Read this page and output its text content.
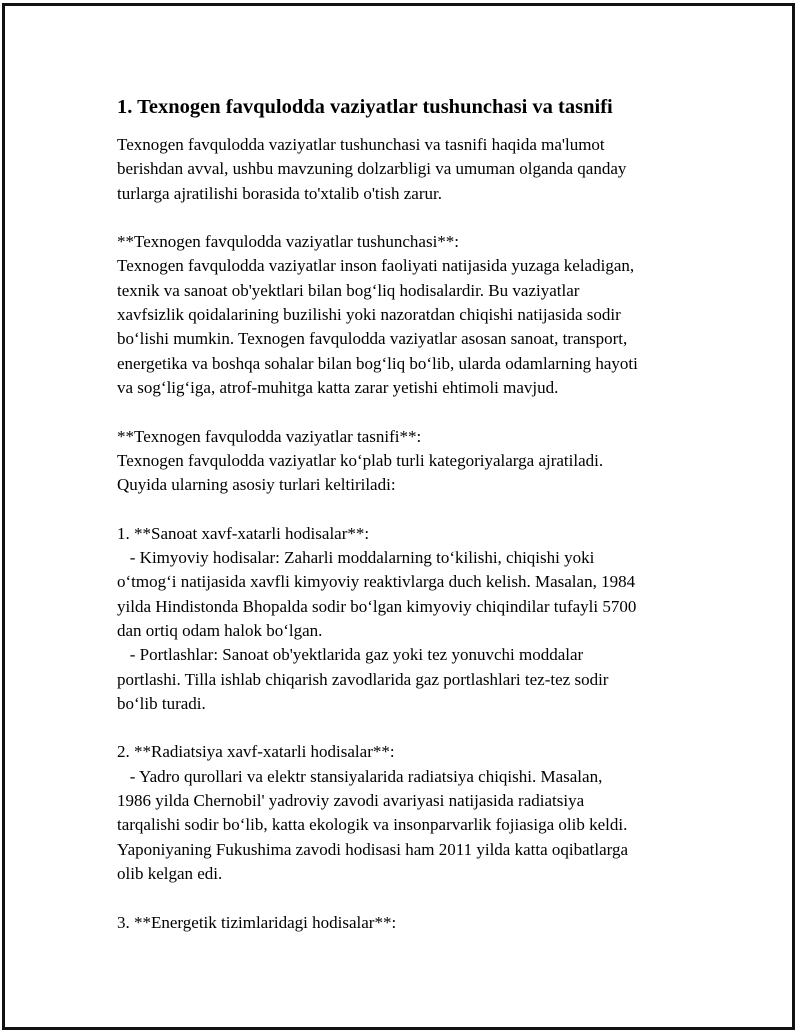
1. Texnogen favqulodda vaziyatlar tushunchasi va tasnifi
Texnogen favqulodda vaziyatlar tushunchasi va tasnifi haqida ma'lumot
berishdan avval, ushbu mavzuning dolzarbligi va umuman olganda qanday
turlarga ajratilishi borasida to'xtalib o'tish zarur.
**Texnogen favqulodda vaziyatlar tushunchasi**:
Texnogen favqulodda vaziyatlar inson faoliyati natijasida yuzaga keladigan,
texnik va sanoat ob'yektlari bilan bog‘liq hodisalardir. Bu vaziyatlar
xavfsizlik qoidalarining buzilishi yoki nazoratdan chiqishi natijasida sodir
bo‘lishi mumkin. Texnogen favqulodda vaziyatlar asosan sanoat, transport,
energetika va boshqa sohalar bilan bog‘liq bo‘lib, ularda odamlarning hayoti
va sog‘lig‘iga, atrof-muhitga katta zarar yetishi ehtimoli mavjud.
**Texnogen favqulodda vaziyatlar tasnifi**:
Texnogen favqulodda vaziyatlar ko‘plab turli kategoriyalarga ajratiladi.
Quyida ularning asosiy turlari keltiriladi:
1. **Sanoat xavf-xatarli hodisalar**:
- Kimyoviy hodisalar: Zaharli moddalarning to‘kilishi, chiqishi yoki
o‘tmog‘i natijasida xavfli kimyoviy reaktivlarga duch kelish. Masalan, 1984
yilda Hindistonda Bhopalda sodir bo‘lgan kimyoviy chiqindilar tufayli 5700
dan ortiq odam halok bo‘lgan.
- Portlashlar: Sanoat ob'yektlarida gaz yoki tez yonuvchi moddalar
portlashi. Tilla ishlab chiqarish zavodlarida gaz portlashlari tez-tez sodir
bo‘lib turadi.
2. **Radiatsiya xavf-xatarli hodisalar**:
- Yadro qurollari va elektr stansiyalarida radiatsiya chiqishi. Masalan,
1986 yilda Chernobil' yadroviy zavodi avariyasi natijasida radiatsiya
tarqalishi sodir bo‘lib, katta ekologik va insonparvarlik fojiasiga olib keldi.
Yaponiyaning Fukushima zavodi hodisasi ham 2011 yilda katta oqibatlarga
olib kelgan edi.
3. **Energetik tizimlaridagi hodisalar**:
